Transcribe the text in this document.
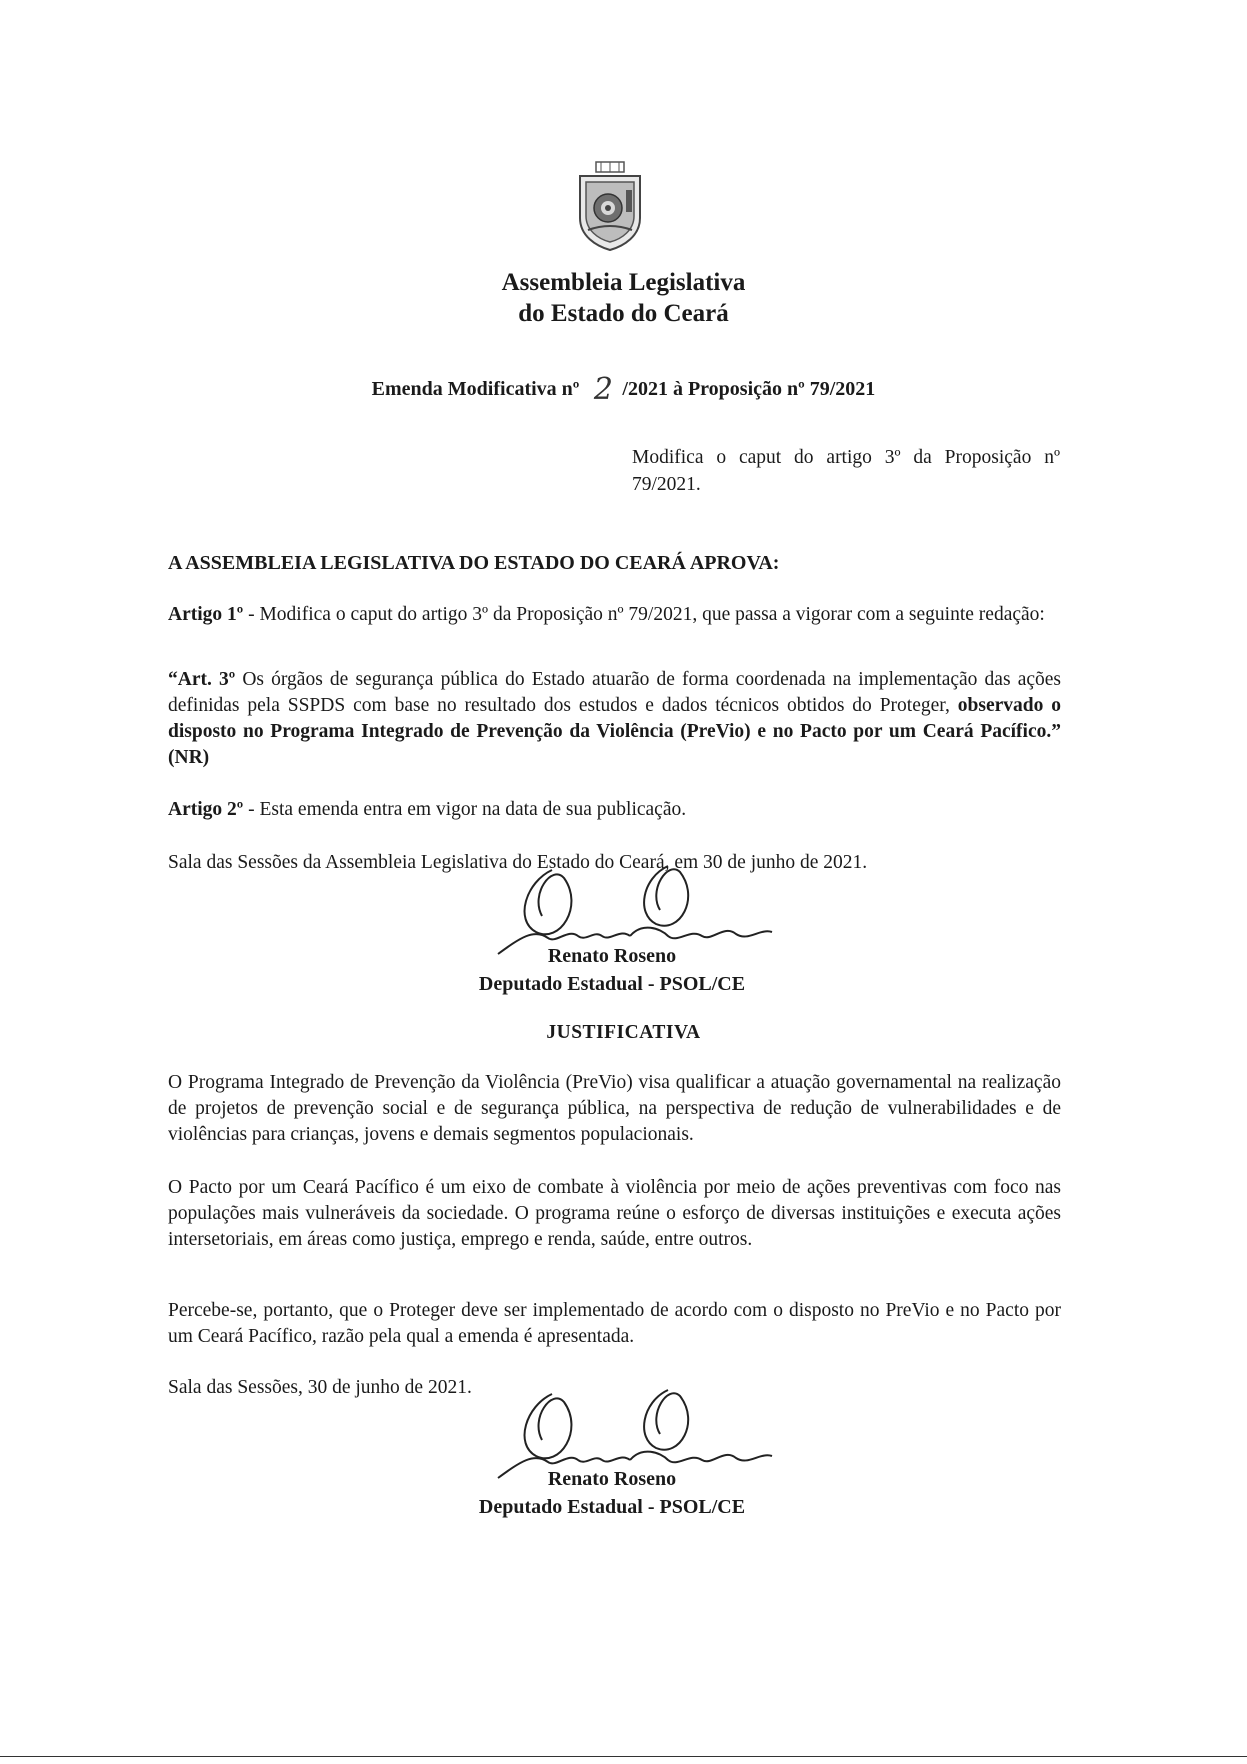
Assembleia Legislativa
do Estado do Ceará
Emenda Modificativa nº 2 /2021 à Proposição nº 79/2021
Modifica o caput do artigo 3º da Proposição nº 79/2021.
A ASSEMBLEIA LEGISLATIVA DO ESTADO DO CEARÁ APROVA:
Artigo 1º - Modifica o caput do artigo 3º da Proposição nº 79/2021, que passa a vigorar com a seguinte redação:
“Art. 3º Os órgãos de segurança pública do Estado atuarão de forma coordenada na implementação das ações definidas pela SSPDS com base no resultado dos estudos e dados técnicos obtidos do Proteger, observado o disposto no Programa Integrado de Prevenção da Violência (PreVio) e no Pacto por um Ceará Pacífico.” (NR)
Artigo 2º - Esta emenda entra em vigor na data de sua publicação.
Sala das Sessões da Assembleia Legislativa do Estado do Ceará, em 30 de junho de 2021.
Renato Roseno
Deputado Estadual - PSOL/CE
JUSTIFICATIVA
O Programa Integrado de Prevenção da Violência (PreVio) visa qualificar a atuação governamental na realização de projetos de prevenção social e de segurança pública, na perspectiva de redução de vulnerabilidades e de violências para crianças, jovens e demais segmentos populacionais.
O Pacto por um Ceará Pacífico é um eixo de combate à violência por meio de ações preventivas com foco nas populações mais vulneráveis da sociedade. O programa reúne o esforço de diversas instituições e executa ações intersetoriais, em áreas como justiça, emprego e renda, saúde, entre outros.
Percebe-se, portanto, que o Proteger deve ser implementado de acordo com o disposto no PreVio e no Pacto por um Ceará Pacífico, razão pela qual a emenda é apresentada.
Sala das Sessões, 30 de junho de 2021.
Renato Roseno
Deputado Estadual - PSOL/CE
